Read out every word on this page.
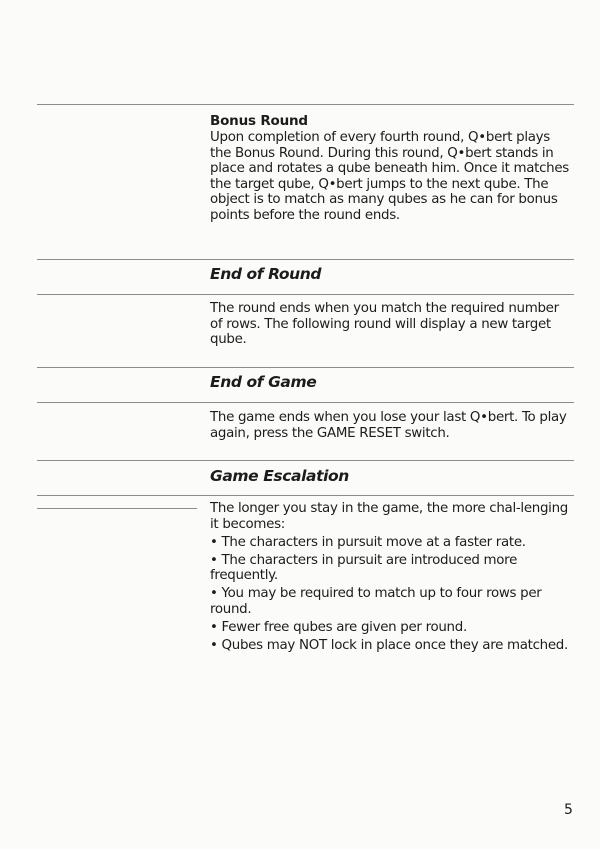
Bonus Round
Upon completion of every fourth round, Q•bert plays the Bonus Round. During this round, Q•bert stands in place and rotates a qube beneath him. Once it matches the target qube, Q•bert jumps to the next qube. The object is to match as many qubes as he can for bonus points before the round ends.
End of Round
The round ends when you match the required number of rows. The following round will display a new target qube.
End of Game
The game ends when you lose your last Q•bert. To play again, press the GAME RESET switch.
Game Escalation
The longer you stay in the game, the more chal-lenging it becomes:
• The characters in pursuit move at a faster rate.
• The characters in pursuit are introduced more frequently.
• You may be required to match up to four rows per round.
• Fewer free qubes are given per round.
• Qubes may NOT lock in place once they are matched.
5
